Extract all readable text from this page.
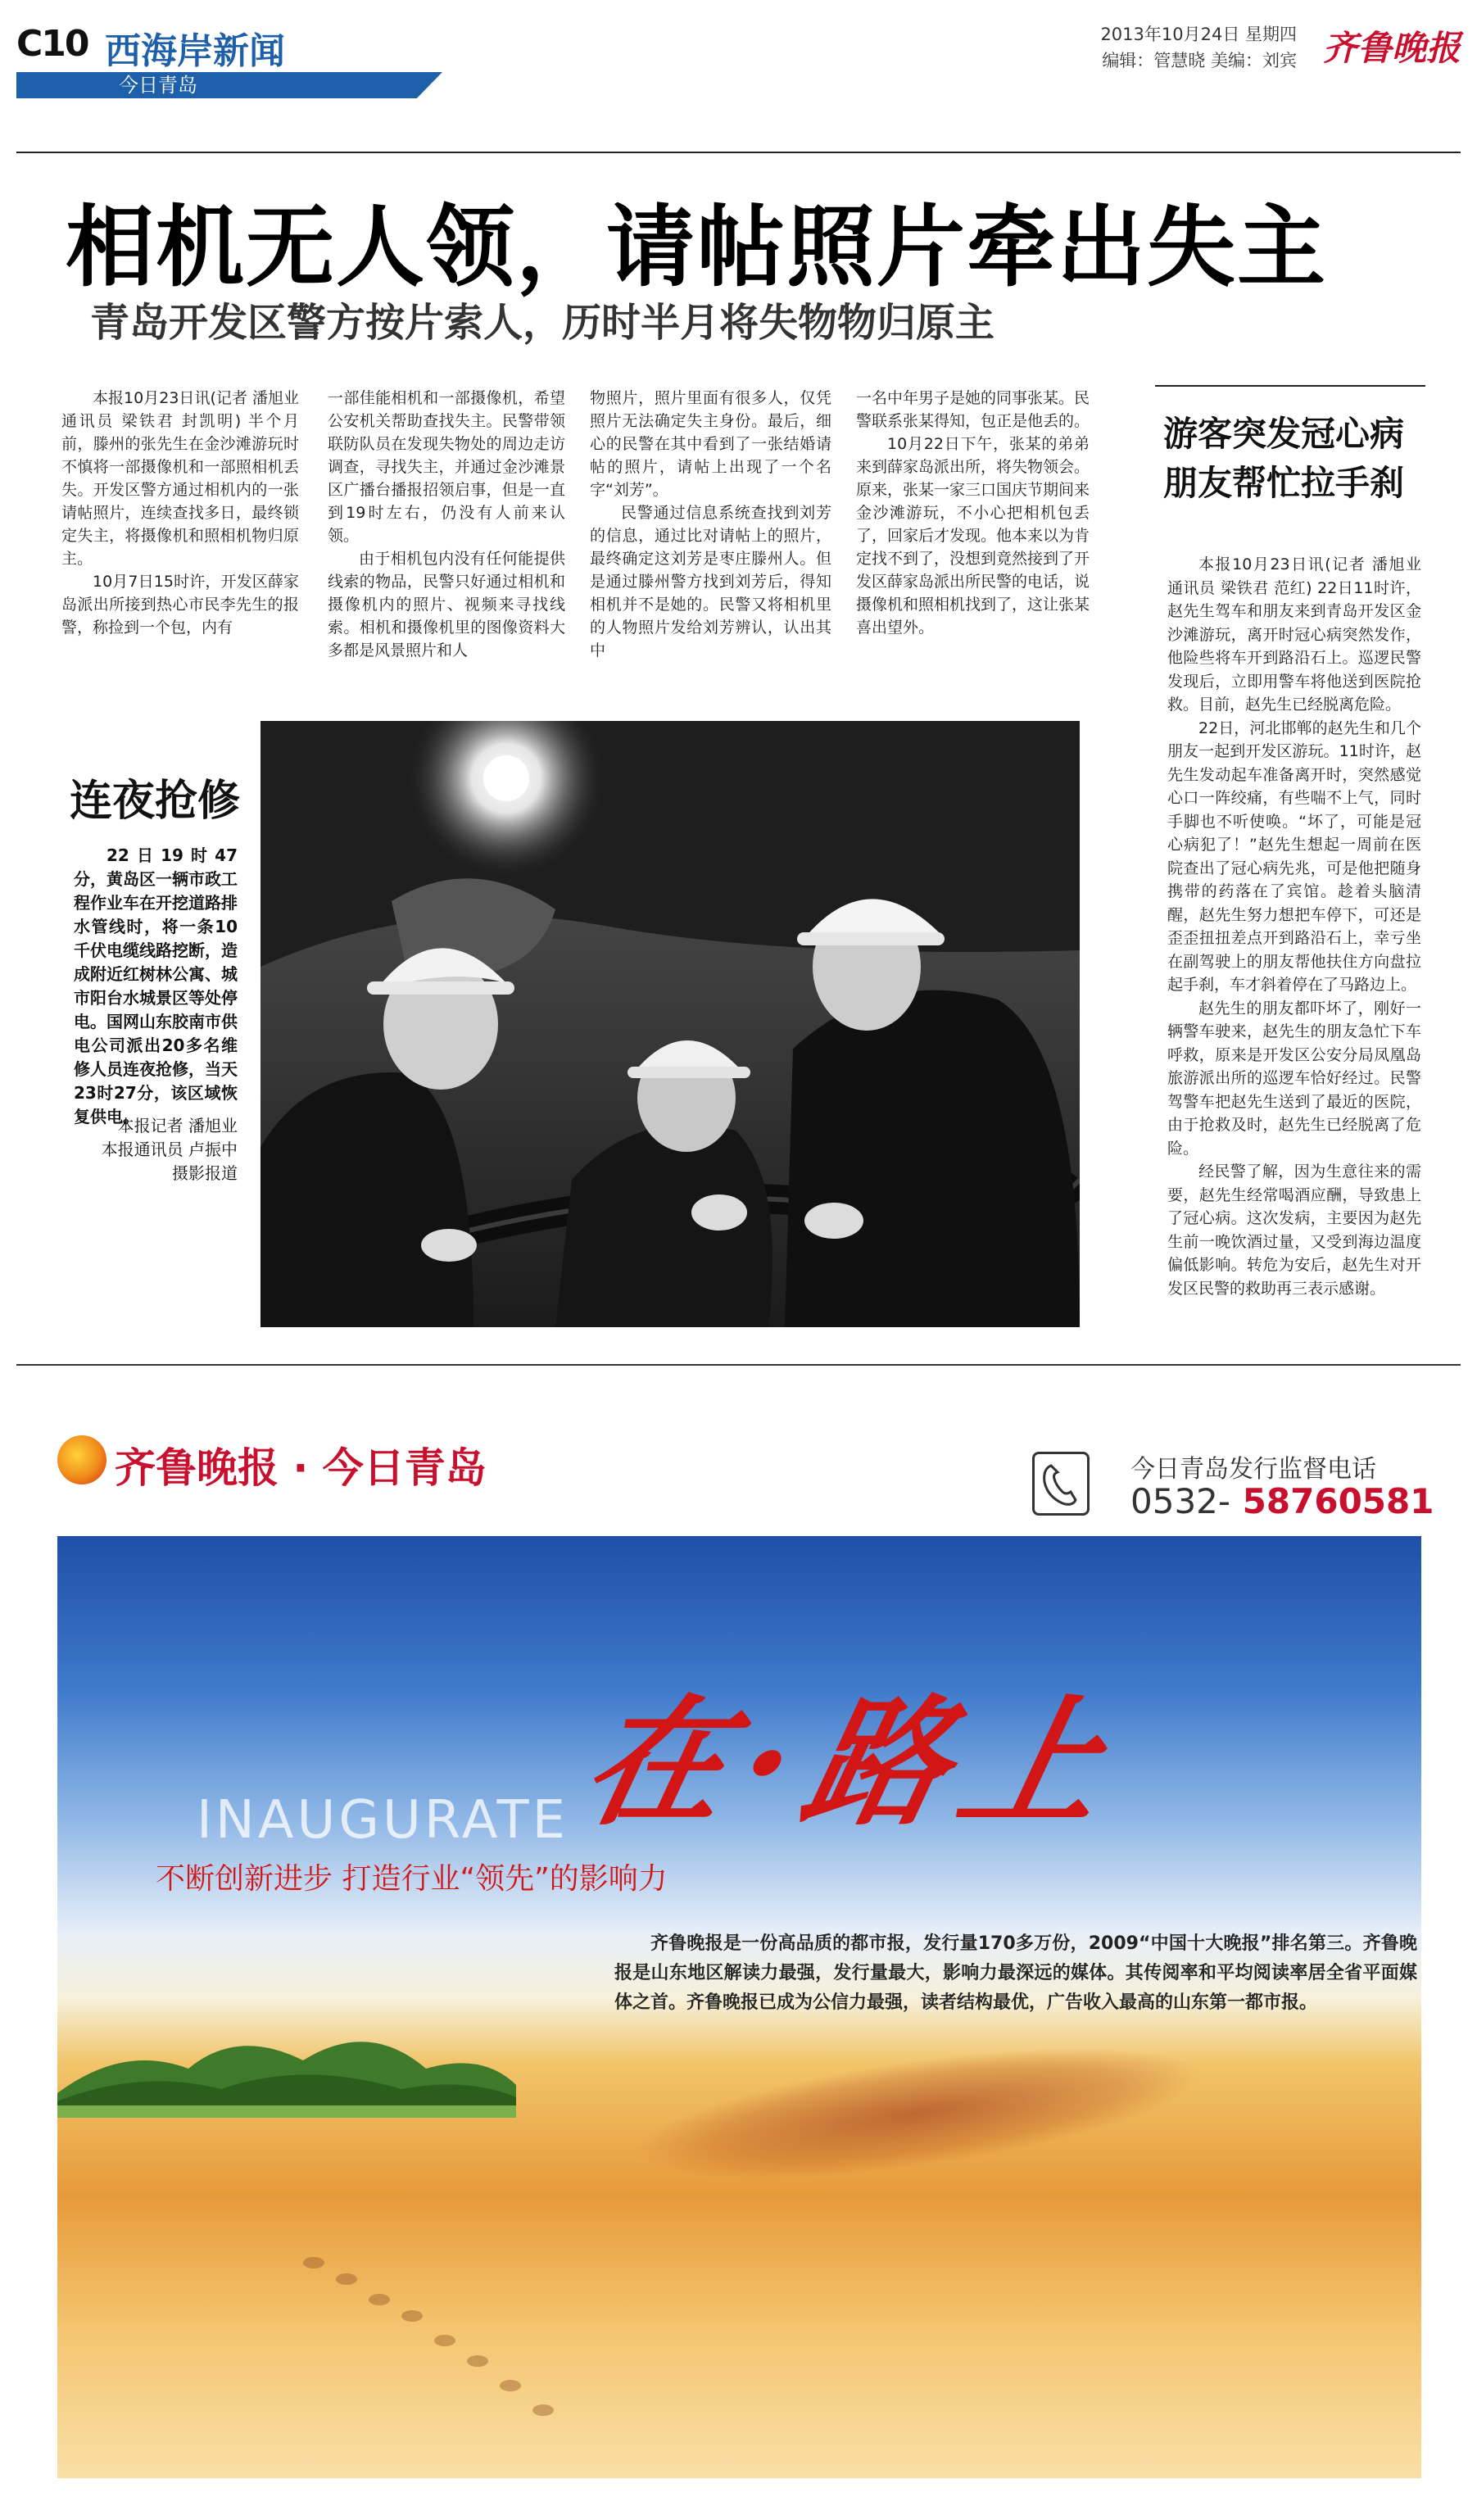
C10 西海岸新闻
今日青岛
2013年10月24日 星期四
编辑：管慧晓 美编：刘宾 齐鲁晚报
相机无人领，请帖照片牵出失主
青岛开发区警方按片索人，历时半月将失物物归原主

本报10月23日讯(记者 潘旭业 通讯员 梁铁君 封凯明) 半个月前，滕州的张先生在金沙滩游玩时不慎将一部摄像机和一部照相机丢失。开发区警方通过相机内的一张请帖照片，连续查找多日，最终锁定失主，将摄像机和照相机物归原主。

10月7日15时许，开发区薛家岛派出所接到热心市民李先生的报警，称捡到一个包，内有

一部佳能相机和一部摄像机，希望公安机关帮助查找失主。民警带领联防队员在发现失物处的周边走访调查，寻找失主，并通过金沙滩景区广播台播报招领启事，但是一直到19时左右，仍没有人前来认领。

由于相机包内没有任何能提供线索的物品，民警只好通过相机和摄像机内的照片、视频来寻找线索。相机和摄像机里的图像资料大多都是风景照片和人

物照片，照片里面有很多人，仅凭照片无法确定失主身份。最后，细心的民警在其中看到了一张结婚请帖的照片，请帖上出现了一个名字“刘芳”。

民警通过信息系统查找到刘芳的信息，通过比对请帖上的照片，最终确定这刘芳是枣庄滕州人。但是通过滕州警方找到刘芳后，得知相机并不是她的。民警又将相机里的人物照片发给刘芳辨认，认出其中

一名中年男子是她的同事张某。民警联系张某得知，包正是他丢的。

10月22日下午，张某的弟弟来到薛家岛派出所，将失物领会。原来，张某一家三口国庆节期间来金沙滩游玩，不小心把相机包丢了，回家后才发现。他本来以为肯定找不到了，没想到竟然接到了开发区薛家岛派出所民警的电话，说摄像机和照相机找到了，这让张某喜出望外。

游客突发冠心病朋友帮忙拉手刹

本报10月23日讯(记者 潘旭业 通讯员 梁铁君 范红) 22日11时许，赵先生驾车和朋友来到青岛开发区金沙滩游玩，离开时冠心病突然发作，他险些将车开到路沿石上。巡逻民警发现后，立即用警车将他送到医院抢救。目前，赵先生已经脱离危险。

22日，河北邯郸的赵先生和几个朋友一起到开发区游玩。11时许，赵先生发动起车准备离开时，突然感觉心口一阵绞痛，有些喘不上气，同时手脚也不听使唤。“坏了，可能是冠心病犯了！”赵先生想起一周前在医院查出了冠心病先兆，可是他把随身携带的药落在了宾馆。趁着头脑清醒，赵先生努力想把车停下，可还是歪歪扭扭差点开到路沿石上，幸亏坐在副驾驶上的朋友帮他扶住方向盘拉起手刹，车才斜着停在了马路边上。

赵先生的朋友都吓坏了，刚好一辆警车驶来，赵先生的朋友急忙下车呼救，原来是开发区公安分局凤凰岛旅游派出所的巡逻车恰好经过。民警驾警车把赵先生送到了最近的医院，由于抢救及时，赵先生已经脱离了危险。

经民警了解，因为生意往来的需要，赵先生经常喝酒应酬，导致患上了冠心病。这次发病，主要因为赵先生前一晚饮酒过量，又受到海边温度偏低影响。转危为安后，赵先生对开发区民警的救助再三表示感谢。

连夜抢修
22日19时47分，黄岛区一辆市政工程作业车在开挖道路排水管线时，将一条10千伏电缆线路挖断，造成附近红树林公寓、城市阳台水城景区等处停电。国网山东胶南市供电公司派出20多名维修人员连夜抢修，当天23时27分，该区域恢复供电。
本报记者 潘旭业
本报通讯员 卢振中
摄影报道
齐鲁晚报 · 今日青岛	今日青岛发行监督电话
0532- 58760581
在·路上
INAUGURATE
不断创新进步 打造行业“领先”的影响力

齐鲁晚报是一份高品质的都市报，发行量170多万份，2009“中国十大晚报”排名第三。齐鲁晚报是山东地区解读力最强，发行量最大，影响力最深远的媒体。其传阅率和平均阅读率居全省平面媒体之首。齐鲁晚报已成为公信力最强，读者结构最优，广告收入最高的山东第一都市报。
